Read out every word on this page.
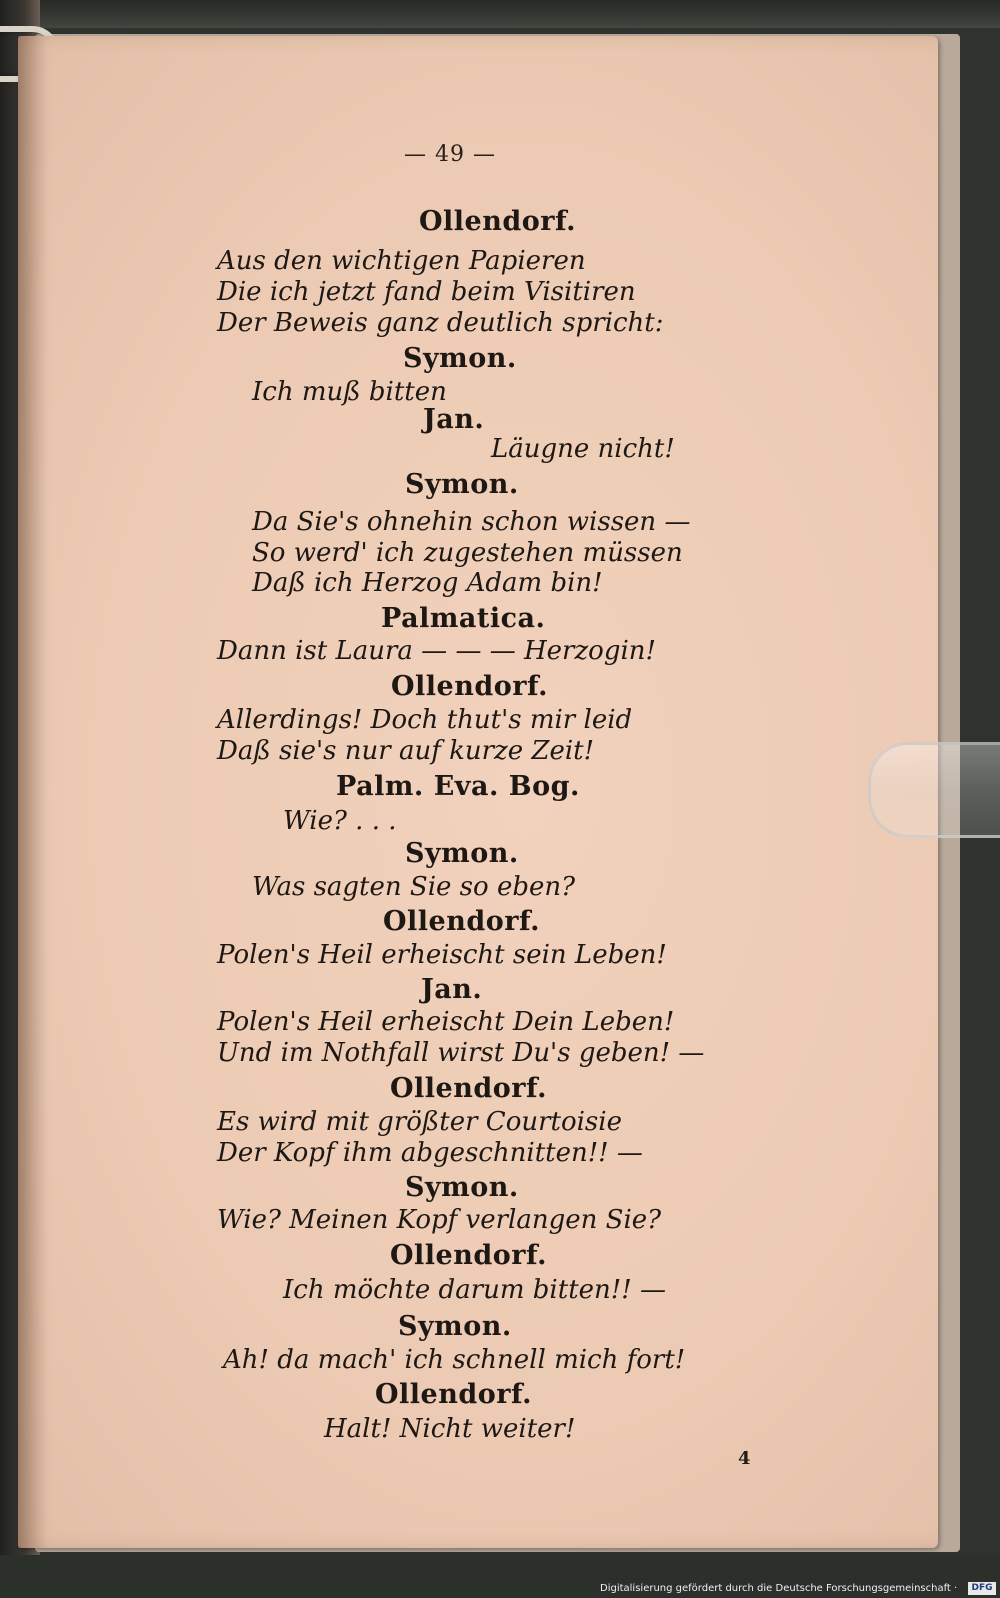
— 49 —
Ollendorf.
Aus den wichtigen Papieren
Die ich jetzt fand beim Visitiren
Der Beweis ganz deutlich spricht:
Symon.
Ich muß bitten
Jan.
Läugne nicht!
Symon.
Da Sie's ohnehin schon wissen —
So werd' ich zugestehen müssen
Daß ich Herzog Adam bin!
Palmatica.
Dann ist Laura — — — Herzogin!
Ollendorf.
Allerdings! Doch thut's mir leid
Daß sie's nur auf kurze Zeit!
Palm. Eva. Bog.
Wie? . . .
Symon.
Was sagten Sie so eben?
Ollendorf.
Polen's Heil erheischt sein Leben!
Jan.
Polen's Heil erheischt Dein Leben!
Und im Nothfall wirst Du's geben! —
Ollendorf.
Es wird mit größter Courtoisie
Der Kopf ihm abgeschnitten!! —
Symon.
Wie? Meinen Kopf verlangen Sie?
Ollendorf.
Ich möchte darum bitten!! —
Symon.
Ah! da mach' ich schnell mich fort!
Ollendorf.
Halt! Nicht weiter!
4
Digitalisierung gefördert durch die Deutsche Forschungsgemeinschaft ·	DFG
